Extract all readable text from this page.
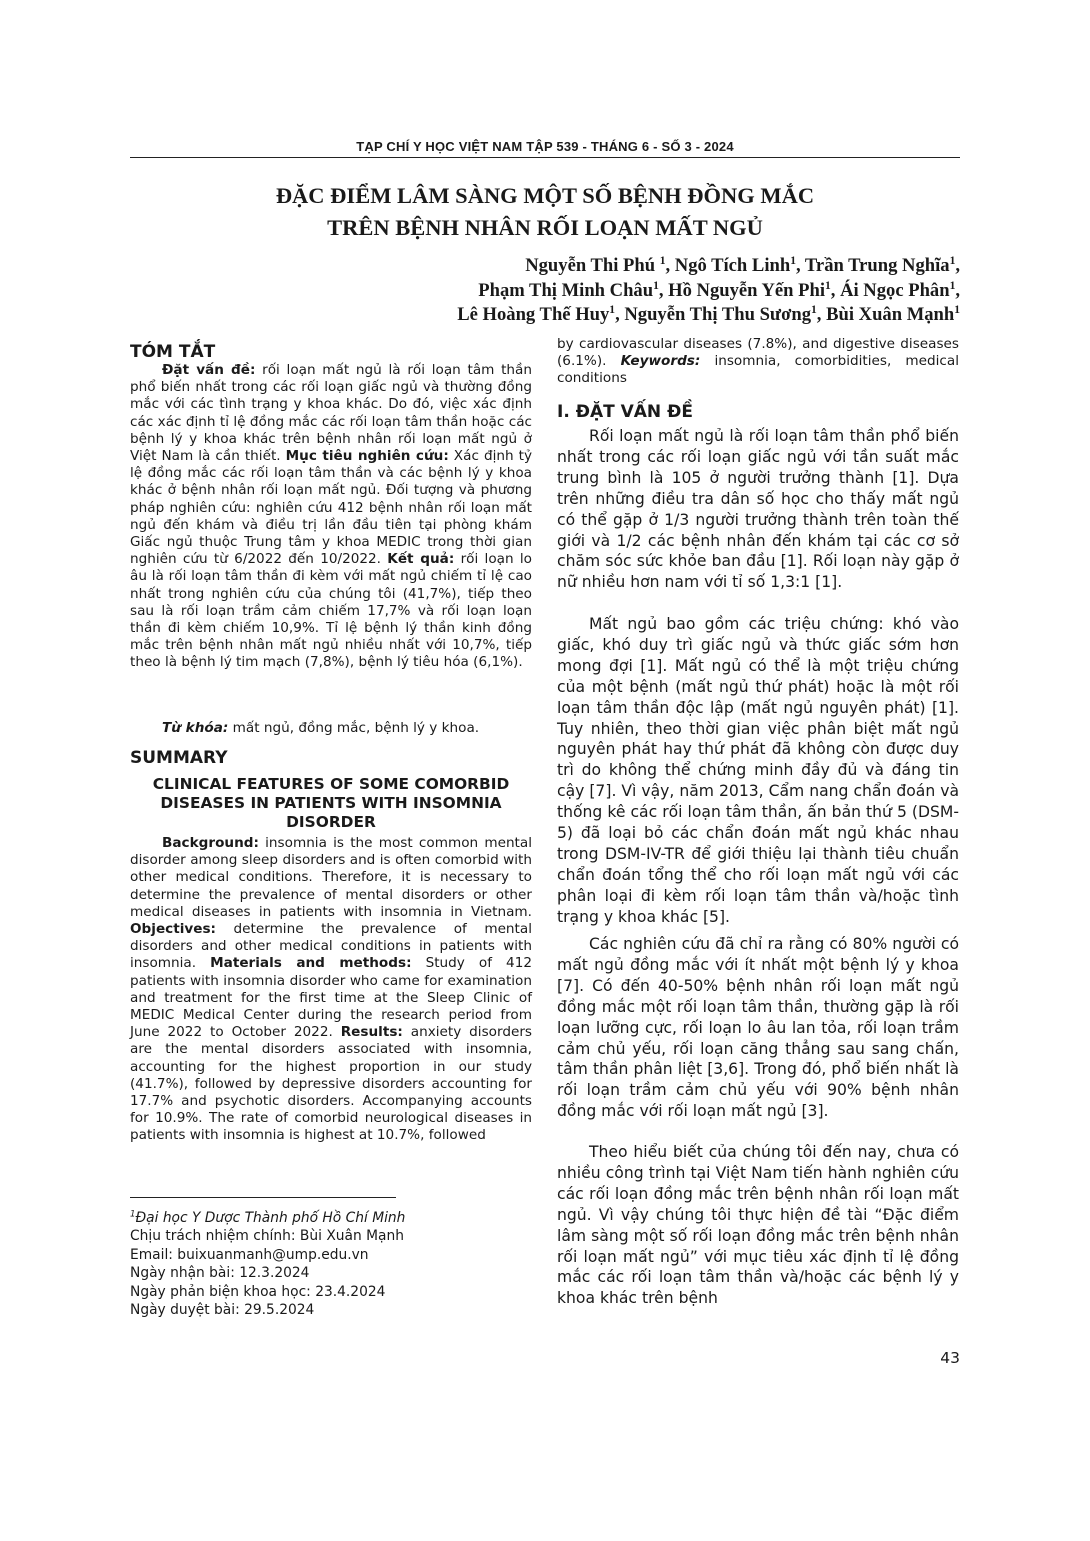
TẠP CHÍ Y HỌC VIỆT NAM TẬP 539 - THÁNG 6 - SỐ 3 - 2024
ĐẶC ĐIỂM LÂM SÀNG MỘT SỐ BỆNH ĐỒNG MẮC
TRÊN BỆNH NHÂN RỐI LOẠN MẤT NGỦ
Nguyễn Thi Phú $^1$, Ngô Tích Linh$^1$, Trần Trung Nghĩa$^1$,
Phạm Thị Minh Châu$^1$, Hồ Nguyễn Yến Phi$^1$, Ái Ngọc Phân$^1$,
Lê Hoàng Thế Huy$^1$, Nguyễn Thị Thu Sương$^1$, Bùi Xuân Mạnh$^1$
TÓM TẮT

Đặt vấn đề: rối loạn mất ngủ là rối loạn tâm thần phổ biến nhất trong các rối loạn giấc ngủ và thường đồng mắc với các tình trạng y khoa khác. Do đó, việc xác định các xác định tỉ lệ đồng mắc các rối loạn tâm thần hoặc các bệnh lý y khoa khác trên bệnh nhân rối loạn mất ngủ ở Việt Nam là cần thiết. Mục tiêu nghiên cứu: Xác định tỷ lệ đồng mắc các rối loạn tâm thần và các bệnh lý y khoa khác ở bệnh nhân rối loạn mất ngủ. Đối tượng và phương pháp nghiên cứu: nghiên cứu 412 bệnh nhân rối loạn mất ngủ đến khám và điều trị lần đầu tiên tại phòng khám Giấc ngủ thuộc Trung tâm y khoa MEDIC trong thời gian nghiên cứu từ 6/2022 đến 10/2022. Kết quả: rối loạn lo âu là rối loạn tâm thần đi kèm với mất ngủ chiếm tỉ lệ cao nhất trong nghiên cứu của chúng tôi (41,7%), tiếp theo sau là rối loạn trầm cảm chiếm 17,7% và rối loạn loạn thần đi kèm chiếm 10,9%. Tỉ lệ bệnh lý thần kinh đồng mắc trên bệnh nhân mất ngủ nhiều nhất với 10,7%, tiếp theo là bệnh lý tim mạch (7,8%), bệnh lý tiêu hóa (6,1%).

Từ khóa: mất ngủ, đồng mắc, bệnh lý y khoa.

SUMMARY
CLINICAL FEATURES OF SOME COMORBID
DISEASES IN PATIENTS WITH INSOMNIA
DISORDER

Background: insomnia is the most common mental disorder among sleep disorders and is often comorbid with other medical conditions. Therefore, it is necessary to determine the prevalence of mental disorders or other medical diseases in patients with insomnia in Vietnam. Objectives: determine the prevalence of mental disorders and other medical conditions in patients with insomnia. Materials and methods: Study of 412 patients with insomnia disorder who came for examination and treatment for the first time at the Sleep Clinic of MEDIC Medical Center during the research period from June 2022 to October 2022. Results: anxiety disorders are the mental disorders associated with insomnia, accounting for the highest proportion in our study (41.7%), followed by depressive disorders accounting for 17.7% and psychotic disorders. Accompanying accounts for 10.9%. The rate of comorbid neurological diseases in patients with insomnia is highest at 10.7%, followed

$^1$Đại học Y Dược Thành phố Hồ Chí Minh
Chịu trách nhiệm chính: Bùi Xuân Mạnh
Email: buixuanmanh@ump.edu.vn
Ngày nhận bài: 12.3.2024
Ngày phản biện khoa học: 23.4.2024
Ngày duyệt bài: 29.5.2024

by cardiovascular diseases (7.8%), and digestive diseases (6.1%). Keywords: insomnia, comorbidities, medical conditions

I. ĐẶT VẤN ĐỀ

Rối loạn mất ngủ là rối loạn tâm thần phổ biến nhất trong các rối loạn giấc ngủ với tần suất mắc trung bình là 105 ở người trưởng thành [1]. Dựa trên những điều tra dân số học cho thấy mất ngủ có thể gặp ở 1/3 người trưởng thành trên toàn thế giới và 1/2 các bệnh nhân đến khám tại các cơ sở chăm sóc sức khỏe ban đầu [1]. Rối loạn này gặp ở nữ nhiều hơn nam với tỉ số 1,3:1 [1].

Mất ngủ bao gồm các triệu chứng: khó vào giấc, khó duy trì giấc ngủ và thức giấc sớm hơn mong đợi [1]. Mất ngủ có thể là một triệu chứng của một bệnh (mất ngủ thứ phát) hoặc là một rối loạn tâm thần độc lập (mất ngủ nguyên phát) [1]. Tuy nhiên, theo thời gian việc phân biệt mất ngủ nguyên phát hay thứ phát đã không còn được duy trì do không thể chứng minh đầy đủ và đáng tin cậy [7]. Vì vậy, năm 2013, Cẩm nang chẩn đoán và thống kê các rối loạn tâm thần, ấn bản thứ 5 (DSM-5) đã loại bỏ các chẩn đoán mất ngủ khác nhau trong DSM-IV-TR để giới thiệu lại thành tiêu chuẩn chẩn đoán tổng thể cho rối loạn mất ngủ với các phân loại đi kèm rối loạn tâm thần và/hoặc tình trạng y khoa khác [5].

Các nghiên cứu đã chỉ ra rằng có 80% người có mất ngủ đồng mắc với ít nhất một bệnh lý y khoa [7]. Có đến 40-50% bệnh nhân rối loạn mất ngủ đồng mắc một rối loạn tâm thần, thường gặp là rối loạn lưỡng cực, rối loạn lo âu lan tỏa, rối loạn trầm cảm chủ yếu, rối loạn căng thẳng sau sang chấn, tâm thần phân liệt [3,6]. Trong đó, phổ biến nhất là rối loạn trầm cảm chủ yếu với 90% bệnh nhân đồng mắc với rối loạn mất ngủ [3].

Theo hiểu biết của chúng tôi đến nay, chưa có nhiều công trình tại Việt Nam tiến hành nghiên cứu các rối loạn đồng mắc trên bệnh nhân rối loạn mất ngủ. Vì vậy chúng tôi thực hiện đề tài “Đặc điểm lâm sàng một số rối loạn đồng mắc trên bệnh nhân rối loạn mất ngủ” với mục tiêu xác định tỉ lệ đồng mắc các rối loạn tâm thần và/hoặc các bệnh lý y khoa khác trên bệnh

43
